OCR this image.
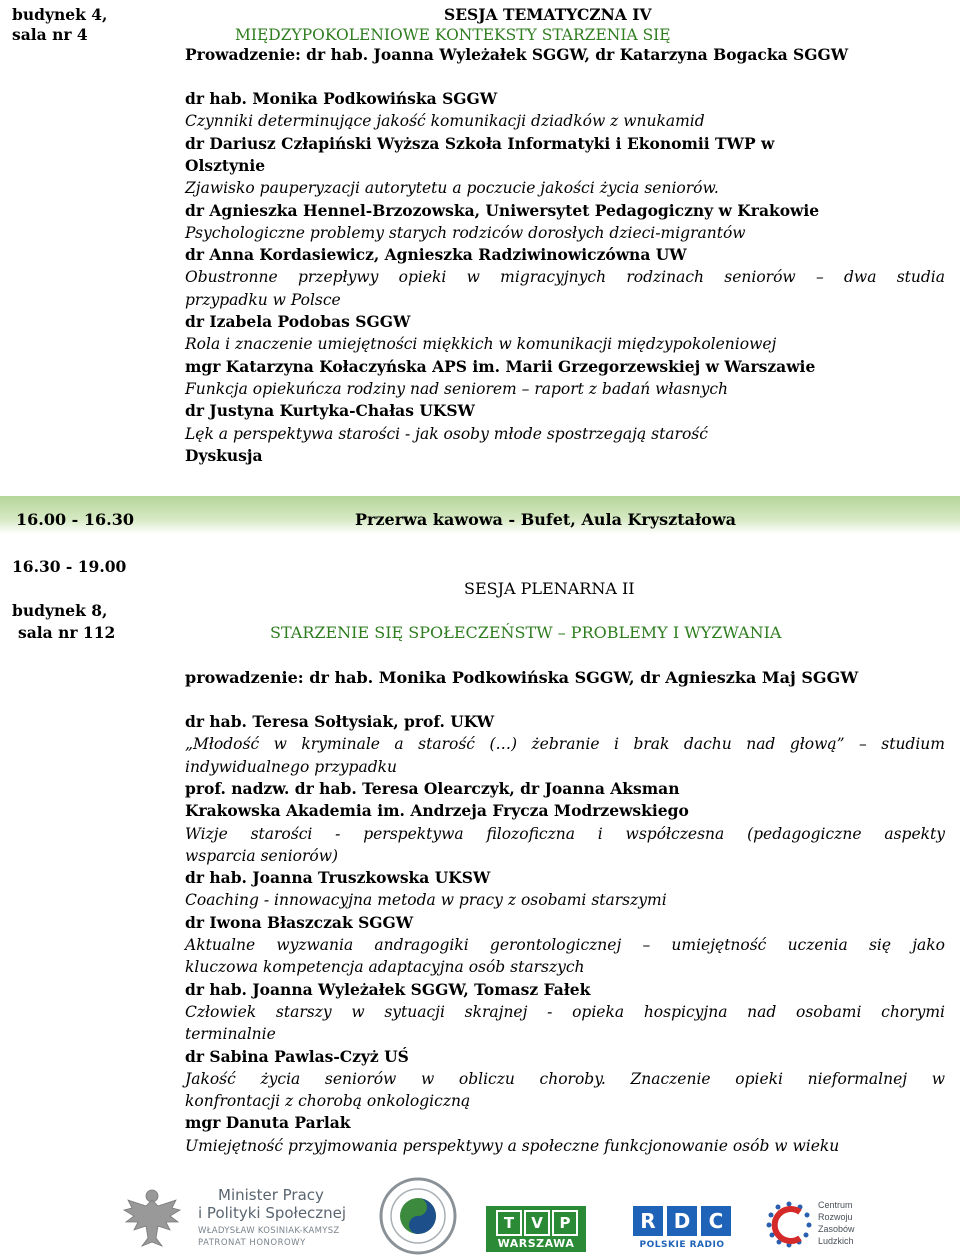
budynek 4,
sala nr 4
SESJA TEMATYCZNA IV
MIĘDZYPOKOLENIOWE KONTEKSTY STARZENIA SIĘ
Prowadzenie: dr hab. Joanna Wyleżałek SGGW, dr Katarzyna Bogacka SGGW
dr hab. Monika Podkowińska SGGW
Czynniki determinujące jakość komunikacji dziadków z wnukamid
dr Dariusz Człapiński Wyższa Szkoła Informatyki i Ekonomii TWP w
Olsztynie
Zjawisko pauperyzacji autorytetu a poczucie jakości życia seniorów.
dr Agnieszka Hennel-Brzozowska, Uniwersytet Pedagogiczny w Krakowie
Psychologiczne problemy starych rodziców dorosłych dzieci-migrantów
dr Anna Kordasiewicz, Agnieszka Radziwinowiczówna UW
Obustronne przepływy opieki w migracyjnych rodzinach seniorów – dwa studia
przypadku w Polsce
dr Izabela Podobas SGGW
Rola i znaczenie umiejętności miękkich w komunikacji międzypokoleniowej
mgr Katarzyna Kołaczyńska APS im. Marii Grzegorzewskiej w Warszawie
Funkcja opiekuńcza rodziny nad seniorem – raport z badań własnych
dr Justyna Kurtyka-Chałas UKSW
Lęk a perspektywa starości - jak osoby młode spostrzegają starość
Dyskusja
16.00 - 16.30	Przerwa kawowa - Bufet, Aula Kryształowa
16.30 - 19.00
budynek 8,
sala nr 112
SESJA PLENARNA II
STARZENIE SIĘ SPOŁECZEŃSTW – PROBLEMY I WYZWANIA
prowadzenie: dr hab. Monika Podkowińska SGGW, dr Agnieszka Maj SGGW
dr hab. Teresa Sołtysiak, prof. UKW
„Młodość w kryminale a starość (…) żebranie i brak dachu nad głową” – studium
indywidualnego przypadku
prof. nadzw. dr hab. Teresa Olearczyk, dr Joanna Aksman
Krakowska Akademia im. Andrzeja Frycza Modrzewskiego
Wizje starości - perspektywa filozoficzna i współczesna (pedagogiczne aspekty
wsparcia seniorów)
dr hab. Joanna Truszkowska UKSW
Coaching - innowacyjna metoda w pracy z osobami starszymi
dr Iwona Błaszczak SGGW
Aktualne wyzwania andragogiki gerontologicznej – umiejętność uczenia się jako
kluczowa kompetencja adaptacyjna osób starszych
dr hab. Joanna Wyleżałek SGGW, Tomasz Fałek
Człowiek starszy w sytuacji skrajnej - opieka hospicyjna nad osobami chorymi
terminalnie
dr Sabina Pawlas-Czyż UŚ
Jakość życia seniorów w obliczu choroby. Znaczenie opieki nieformalnej w
konfrontacji z chorobą onkologiczną
mgr Danuta Parlak
Umiejętność przyjmowania perspektywy a społeczne funkcjonowanie osób w wieku
Minister Pracy
i Polityki Społecznej
WŁADYSŁAW KOSINIAK-KAMYSZ
PATRONAT HONOROWY
T	V	P
WARSZAWA
R D C
POLSKIE RADIO
Centrum
Rozwoju
Zasobów
Ludzkich
